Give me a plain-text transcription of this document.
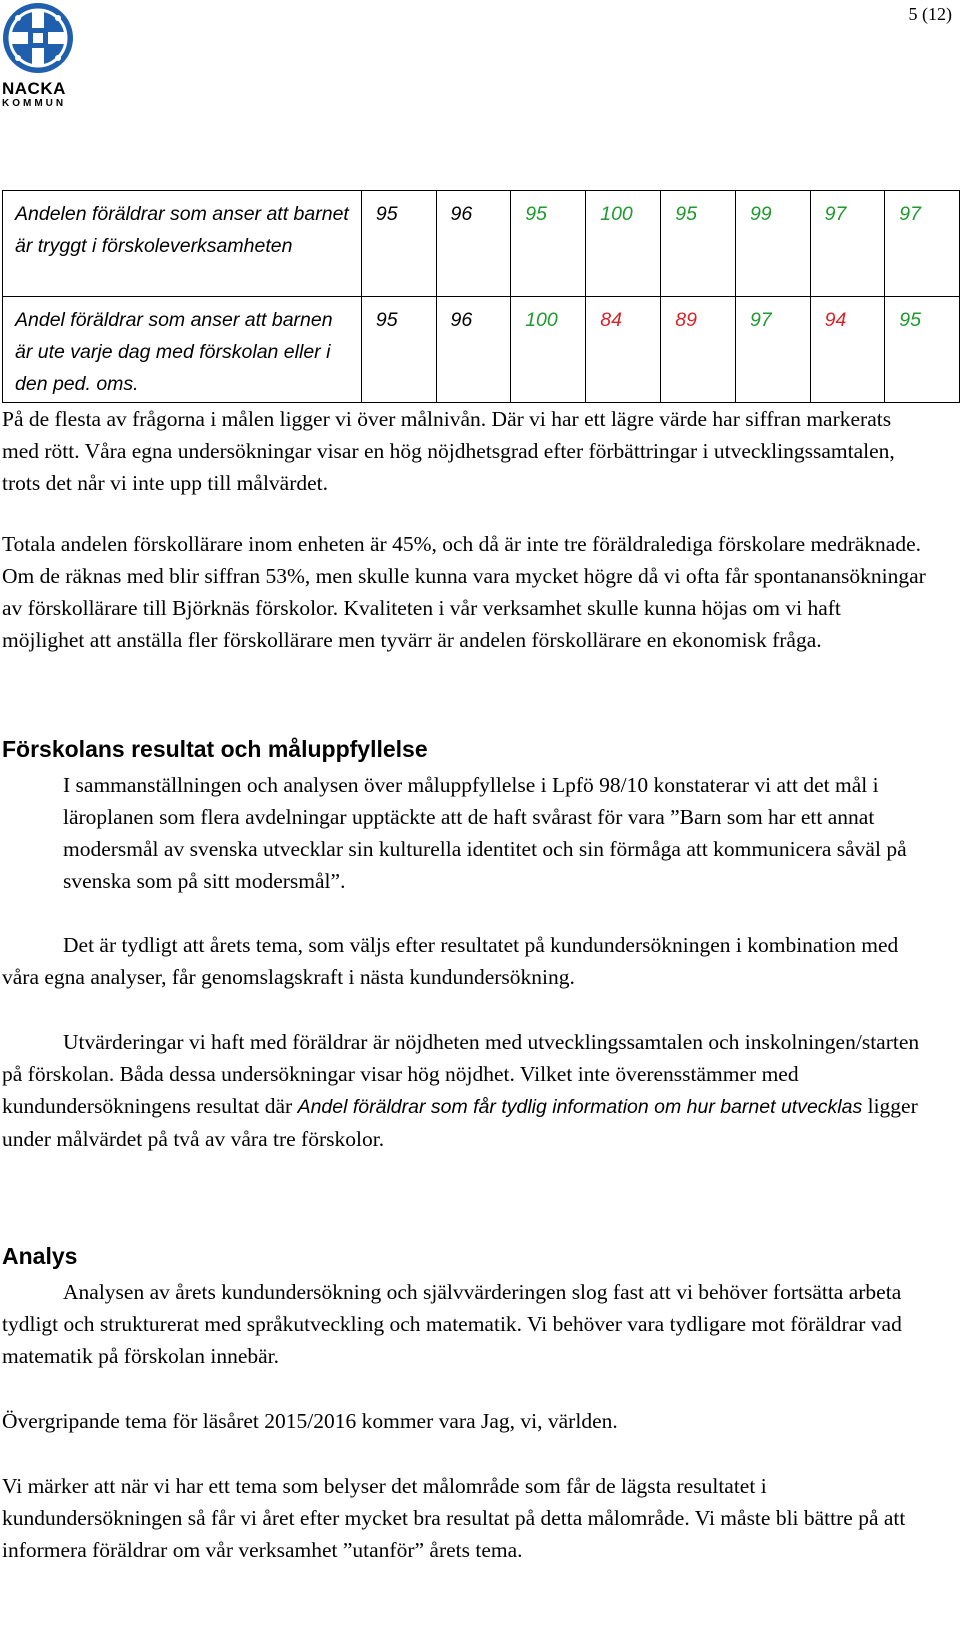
NACKA
KOMMUN
5 (12)
Andelen föräldrar som anser att barnet är tryggt i förskoleverksamheten	95	96	95	100	95	99	97	97
Andel föräldrar som anser att barnen är ute varje dag med förskolan eller i den ped. oms.	95	96	100	84	89	97	94	95
På de flesta av frågorna i målen ligger vi över målnivån. Där vi har ett lägre värde har siffran markerats med rött. Våra egna undersökningar visar en hög nöjdhetsgrad efter förbättringar i utvecklingssamtalen, trots det når vi inte upp till målvärdet.
Totala andelen förskollärare inom enheten är 45%, och då är inte tre föräldralediga förskolare medräknade. Om de räknas med blir siffran 53%, men skulle kunna vara mycket högre då vi ofta får spontanansökningar av förskollärare till Björknäs förskolor. Kvaliteten i vår verksamhet skulle kunna höjas om vi haft möjlighet att anställa fler förskollärare men tyvärr är andelen förskollärare en ekonomisk fråga.
Förskolans resultat och måluppfyllelse
I sammanställningen och analysen över måluppfyllelse i Lpfö 98/10 konstaterar vi att det mål i läroplanen som flera avdelningar upptäckte att de haft svårast för vara ”Barn som har ett annat modersmål av svenska utvecklar sin kulturella identitet och sin förmåga att kommunicera såväl på svenska som på sitt modersmål”.
Det är tydligt att årets tema, som väljs efter resultatet på kundundersökningen i kombination med våra egna analyser, får genomslagskraft i nästa kundundersökning.
Utvärderingar vi haft med föräldrar är nöjdheten med utvecklingssamtalen och inskolningen/starten på förskolan. Båda dessa undersökningar visar hög nöjdhet. Vilket inte överensstämmer med kundundersökningens resultat där Andel föräldrar som får tydlig information om hur barnet utvecklas ligger under målvärdet på två av våra tre förskolor.
Analys
Analysen av årets kundundersökning och självvärderingen slog fast att vi behöver fortsätta arbeta tydligt och strukturerat med språkutveckling och matematik. Vi behöver vara tydligare mot föräldrar vad matematik på förskolan innebär.
Övergripande tema för läsåret 2015/2016 kommer vara Jag, vi, världen.
Vi märker att när vi har ett tema som belyser det målområde som får de lägsta resultatet i kundundersökningen så får vi året efter mycket bra resultat på detta målområde. Vi måste bli bättre på att informera föräldrar om vår verksamhet ”utanför” årets tema.
